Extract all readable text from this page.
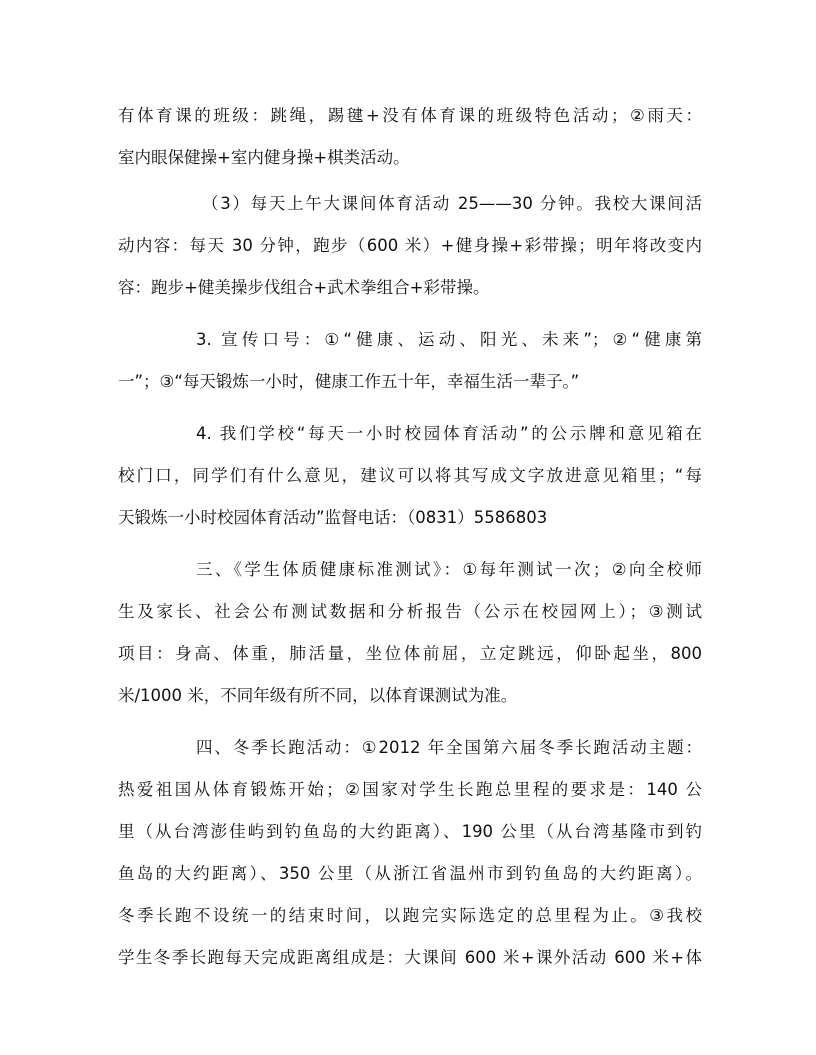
有体育课的班级：跳绳，踢毽+没有体育课的班级特色活动；②雨天：
室内眼保健操+室内健身操+棋类活动。
（3）每天上午大课间体育活动 25——30 分钟。我校大课间活
动内容：每天 30 分钟，跑步（600 米）+健身操+彩带操；明年将改变内
容：跑步+健美操步伐组合+武术拳组合+彩带操。
3. 宣传口号：①“健康、运动、阳光、未来”；②“健康第
一”；③“每天锻炼一小时，健康工作五十年，幸福生活一辈子。”
4. 我们学校“每天一小时校园体育活动”的公示牌和意见箱在
校门口，同学们有什么意见，建议可以将其写成文字放进意见箱里；“每
天锻炼一小时校园体育活动”监督电话：（0831）5586803
三、《学生体质健康标准测试》：①每年测试一次；②向全校师
生及家长、社会公布测试数据和分析报告（公示在校园网上）；③测试
项目：身高、体重，肺活量，坐位体前屈，立定跳远，仰卧起坐，800
米/1000 米，不同年级有所不同，以体育课测试为准。
四、冬季长跑活动：①2012 年全国第六届冬季长跑活动主题：
热爱祖国从体育锻炼开始；②国家对学生长跑总里程的要求是：140 公
里（从台湾澎佳屿到钓鱼岛的大约距离）、190 公里（从台湾基隆市到钓
鱼岛的大约距离）、350 公里（从浙江省温州市到钓鱼岛的大约距离）。
冬季长跑不设统一的结束时间，以跑完实际选定的总里程为止。③我校
学生冬季长跑每天完成距离组成是：大课间 600 米+课外活动 600 米+体
